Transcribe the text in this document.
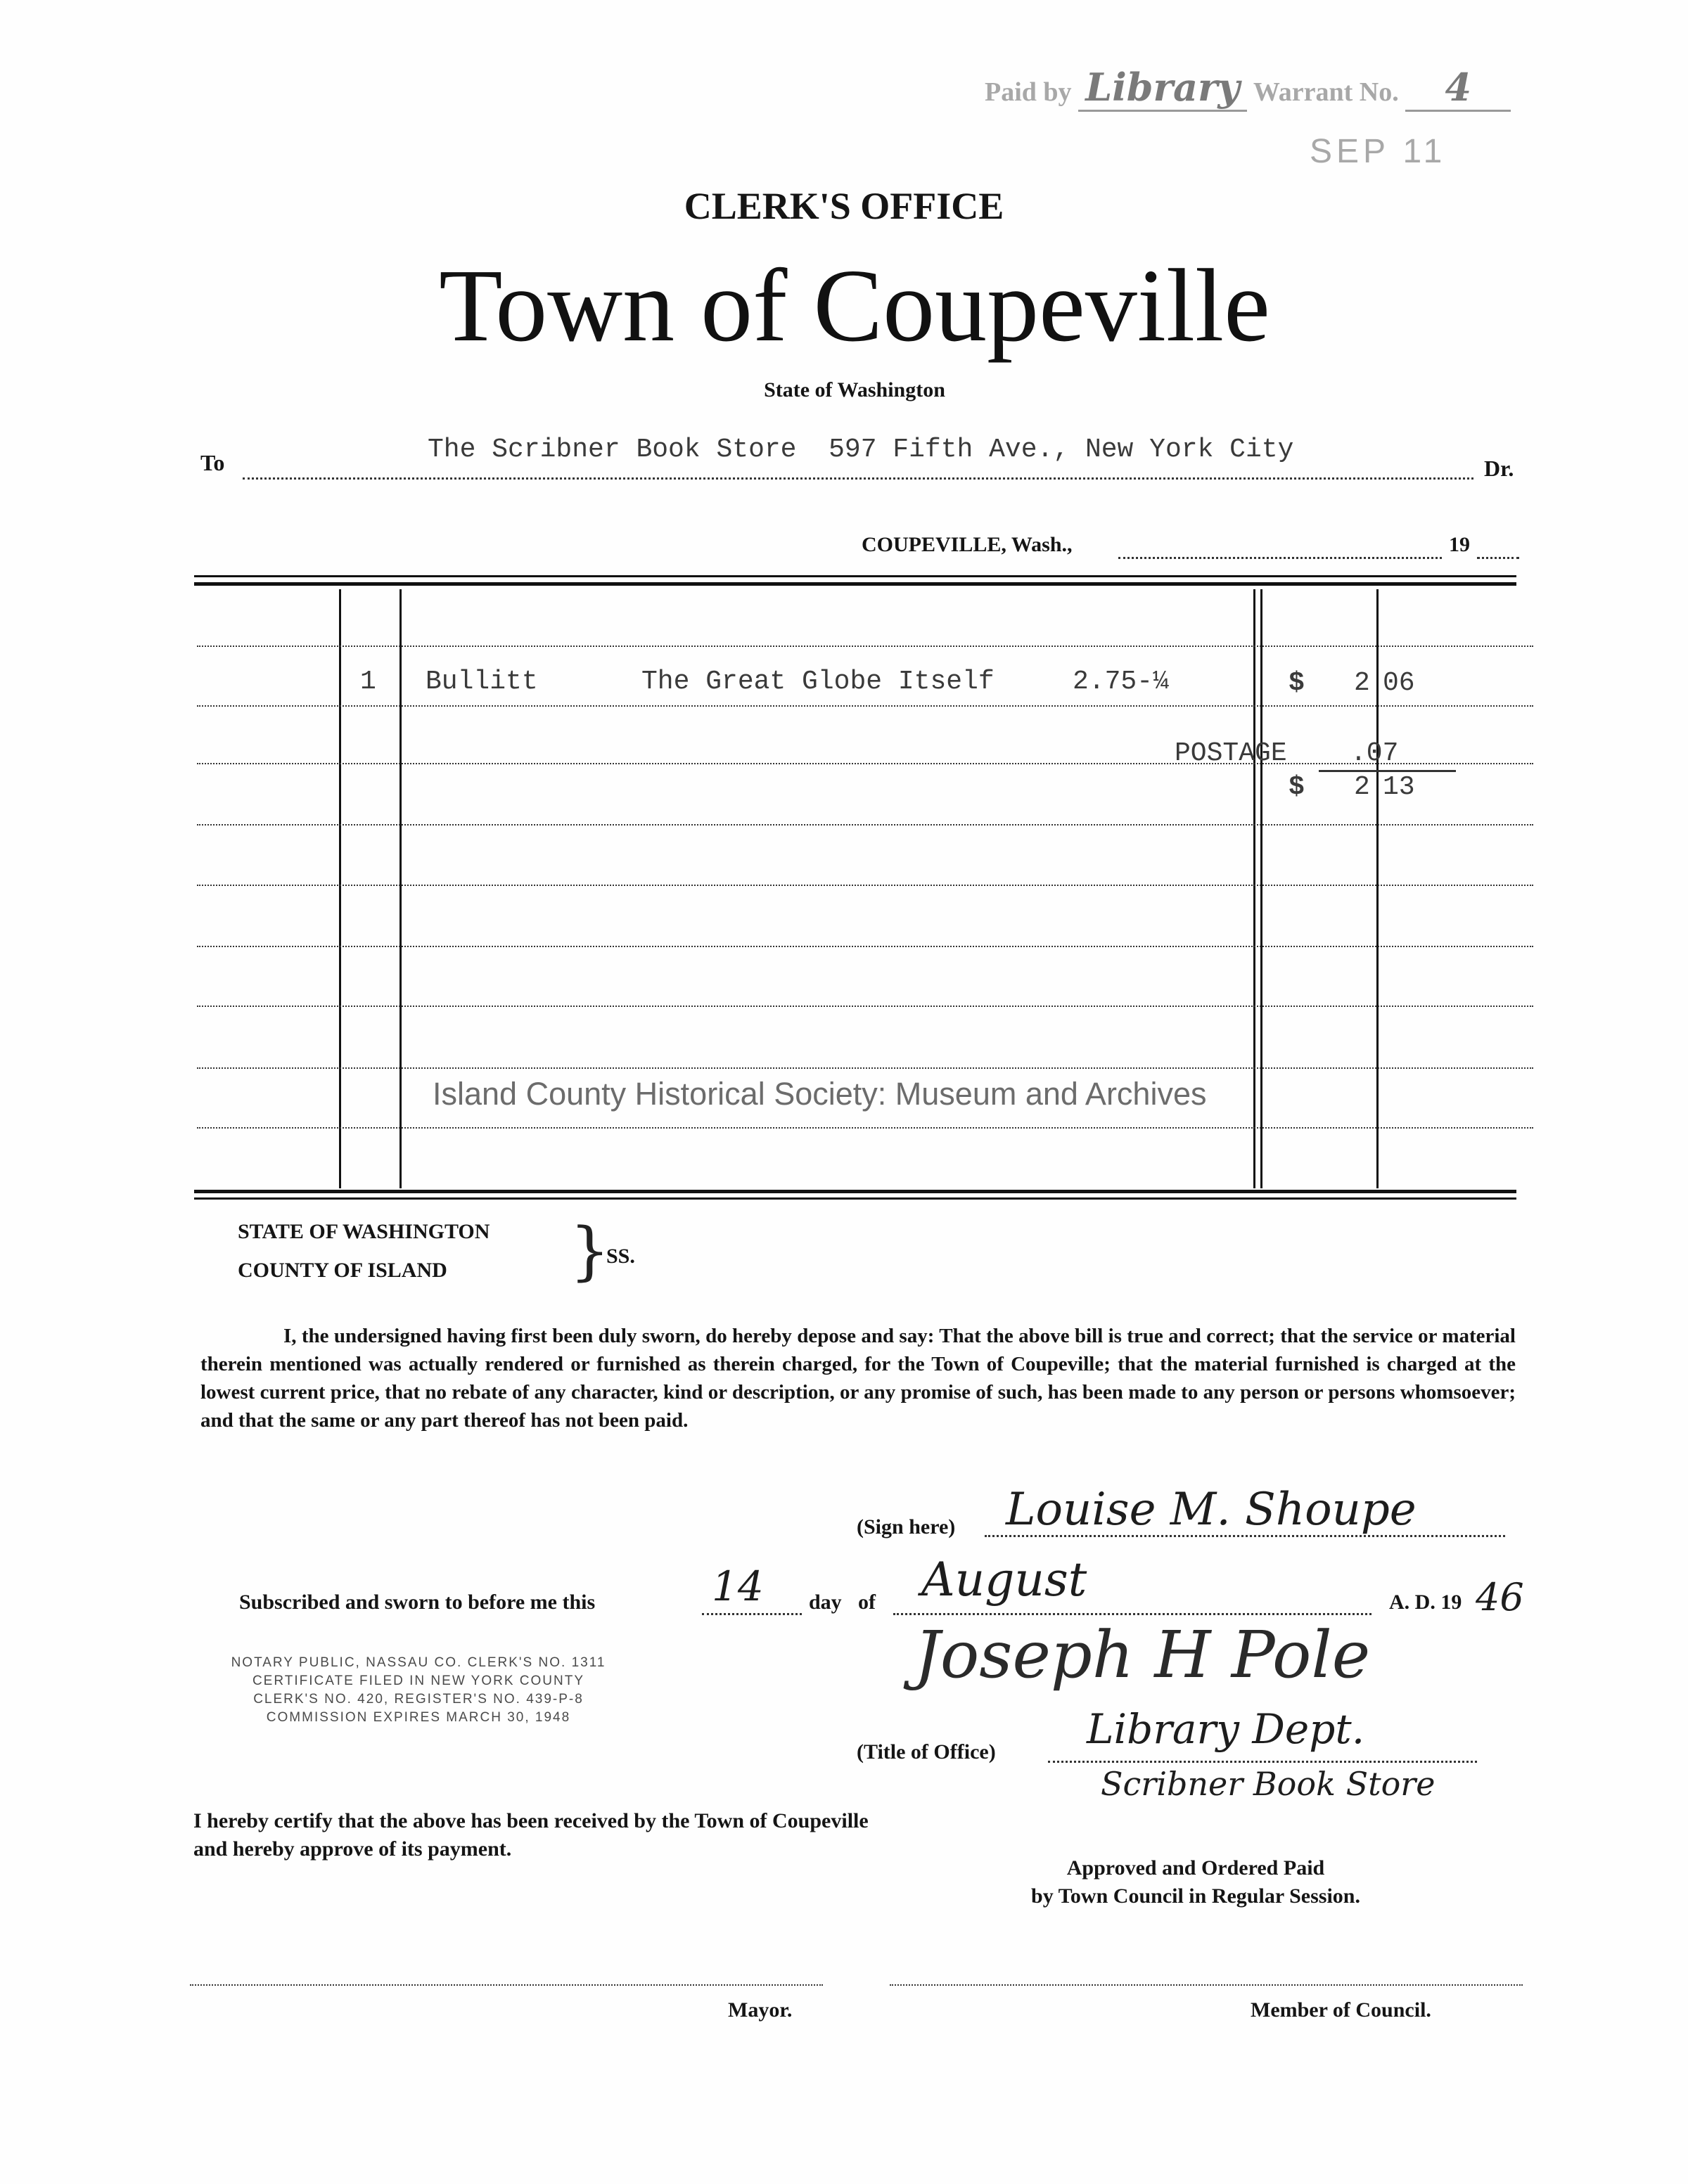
Paid by Library Warrant No. 4
SEP 11
CLERK'S OFFICE
Town of Coupeville
State of Washington
To	The Scribner Book Store  597 Fifth Ave., New York City
Dr.
COUPEVILLE, Wash.,	19
1 Bullitt	The Great Globe Itself	2.75-¼	$ 2 06
POSTAGE .07
$ 2 13
Island County Historical Society: Museum and Archives
STATE OF WASHINGTON
COUNTY OF ISLAND }
SS.
I, the undersigned having first been duly sworn, do hereby depose and say: That the above bill is true and correct; that the service or material therein mentioned was actually rendered or furnished as therein charged, for the Town of Coupeville; that the material furnished is charged at the lowest current price, that no rebate of any character, kind or description, or any promise of such, has been made to any person or persons whomsoever; and that the same or any part thereof has not been paid.
(Sign here) Louise M. Shoupe
Subscribed and sworn to before me this	14 day of August	A. D. 19 46
NOTARY PUBLIC, NASSAU CO. CLERK'S NO. 1311
CERTIFICATE FILED IN NEW YORK COUNTY
CLERK'S NO. 420, REGISTER'S NO. 439-P-8
COMMISSION EXPIRES MARCH 30, 1948
Joseph H Pole
(Title of Office) Library Dept.
Scribner Book Store
I hereby certify that the above has been received by the Town of Coupeville and hereby approve of its payment.
Approved and Ordered Paid
by Town Council in Regular Session.
Mayor.	Member of Council.
